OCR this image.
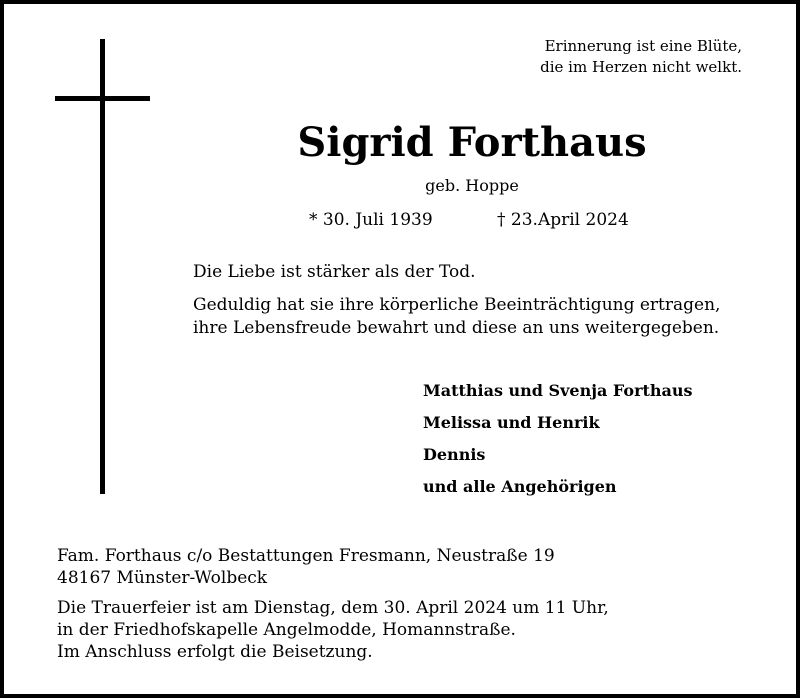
Erinnerung ist eine Blüte,
die im Herzen nicht welkt.
Sigrid Forthaus
geb. Hoppe
* 30. Juli 1939	† 23.April 2024
Die Liebe ist stärker als der Tod.
Geduldig hat sie ihre körperliche Beeinträchtigung ertragen,
ihre Lebensfreude bewahrt und diese an uns weitergegeben.
Matthias und Svenja Forthaus
Melissa und Henrik
Dennis
und alle Angehörigen
Fam. Forthaus c/o Bestattungen Fresmann, Neustraße 19
48167 Münster-Wolbeck
Die Trauerfeier ist am Dienstag, dem 30. April 2024 um 11 Uhr,
in der Friedhofskapelle Angelmodde, Homannstraße.
Im Anschluss erfolgt die Beisetzung.
